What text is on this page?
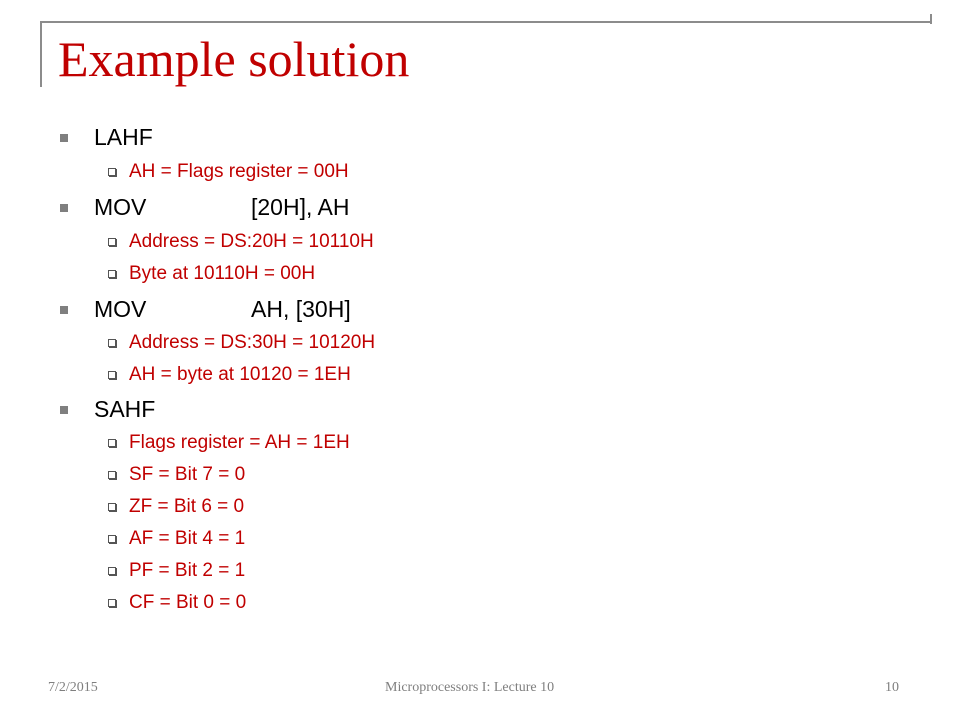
Example solution
LAHF
AH = Flags register = 00H
MOV	[20H], AH
Address = DS:20H = 10110H
Byte at 10110H = 00H
MOV	AH, [30H]
Address = DS:30H = 10120H
AH = byte at 10120 = 1EH
SAHF
Flags register = AH = 1EH
SF = Bit 7 = 0
ZF = Bit 6 = 0
AF = Bit 4 = 1
PF = Bit 2 = 1
CF = Bit 0 = 0
7/2/2015	Microprocessors I: Lecture 10	10
